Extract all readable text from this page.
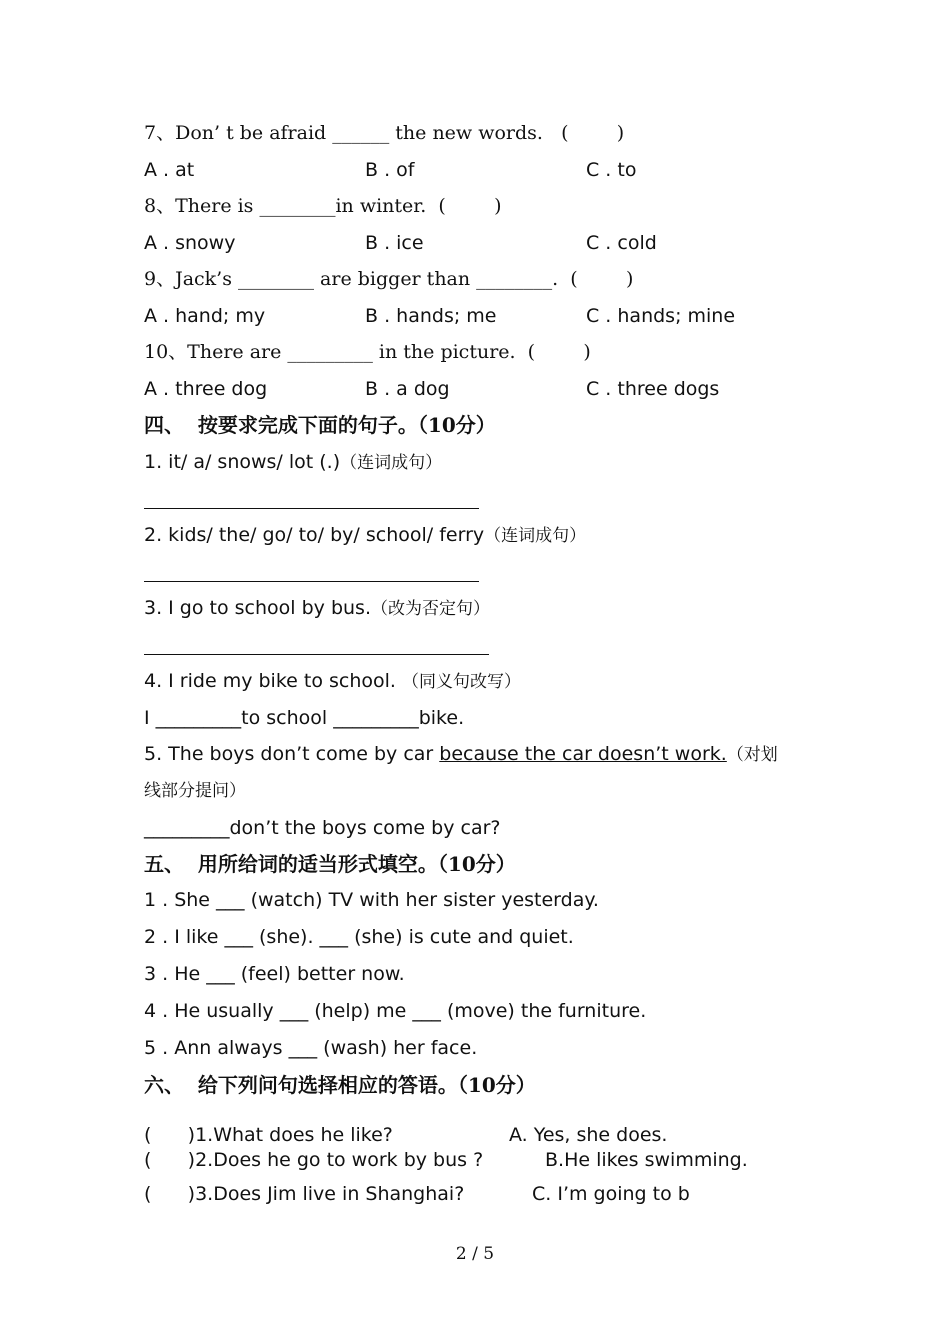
7、Don’ t be afraid ______ the new words.   (        )
A . at	B . of	C . to
8、There is ________in winter.  (        )
A . snowy	B . ice	C . cold
9、Jack’s ________ are bigger than ________.  (        )
A . hand; my	B . hands; me	C . hands; mine
10、There are _________ in the picture.  (        )
A . three dog	B . a dog	C . three dogs
四、  按要求完成下面的句子。（10分）
1. it/ a/ snows/ lot (.)（连词成句）
2. kids/ the/ go/ to/ by/ school/ ferry（连词成句）
3. I go to school by bus.（改为否定句）
4. I ride my bike to school. （同义句改写）
I _________to school _________bike.
5. The boys don’t come by car because the car doesn’t work.（对划
线部分提问）
_________don’t the boys come by car?
五、  用所给词的适当形式填空。（10分）
1 . She ___ (watch) TV with her sister yesterday.
2 . I like ___ (she). ___ (she) is cute and quiet.
3 . He ___ (feel) better now.
4 . He usually ___ (help) me ___ (move) the furniture.
5 . Ann always ___ (wash) her face.
六、  给下列问句选择相应的答语。（10分）
(      )1.What does he like?	A. Yes, she does.
(      )2.Does he go to work by bus ?	B.He likes swimming.
(      )3.Does Jim live in Shanghai?	C. I’m going to b
2 / 5
